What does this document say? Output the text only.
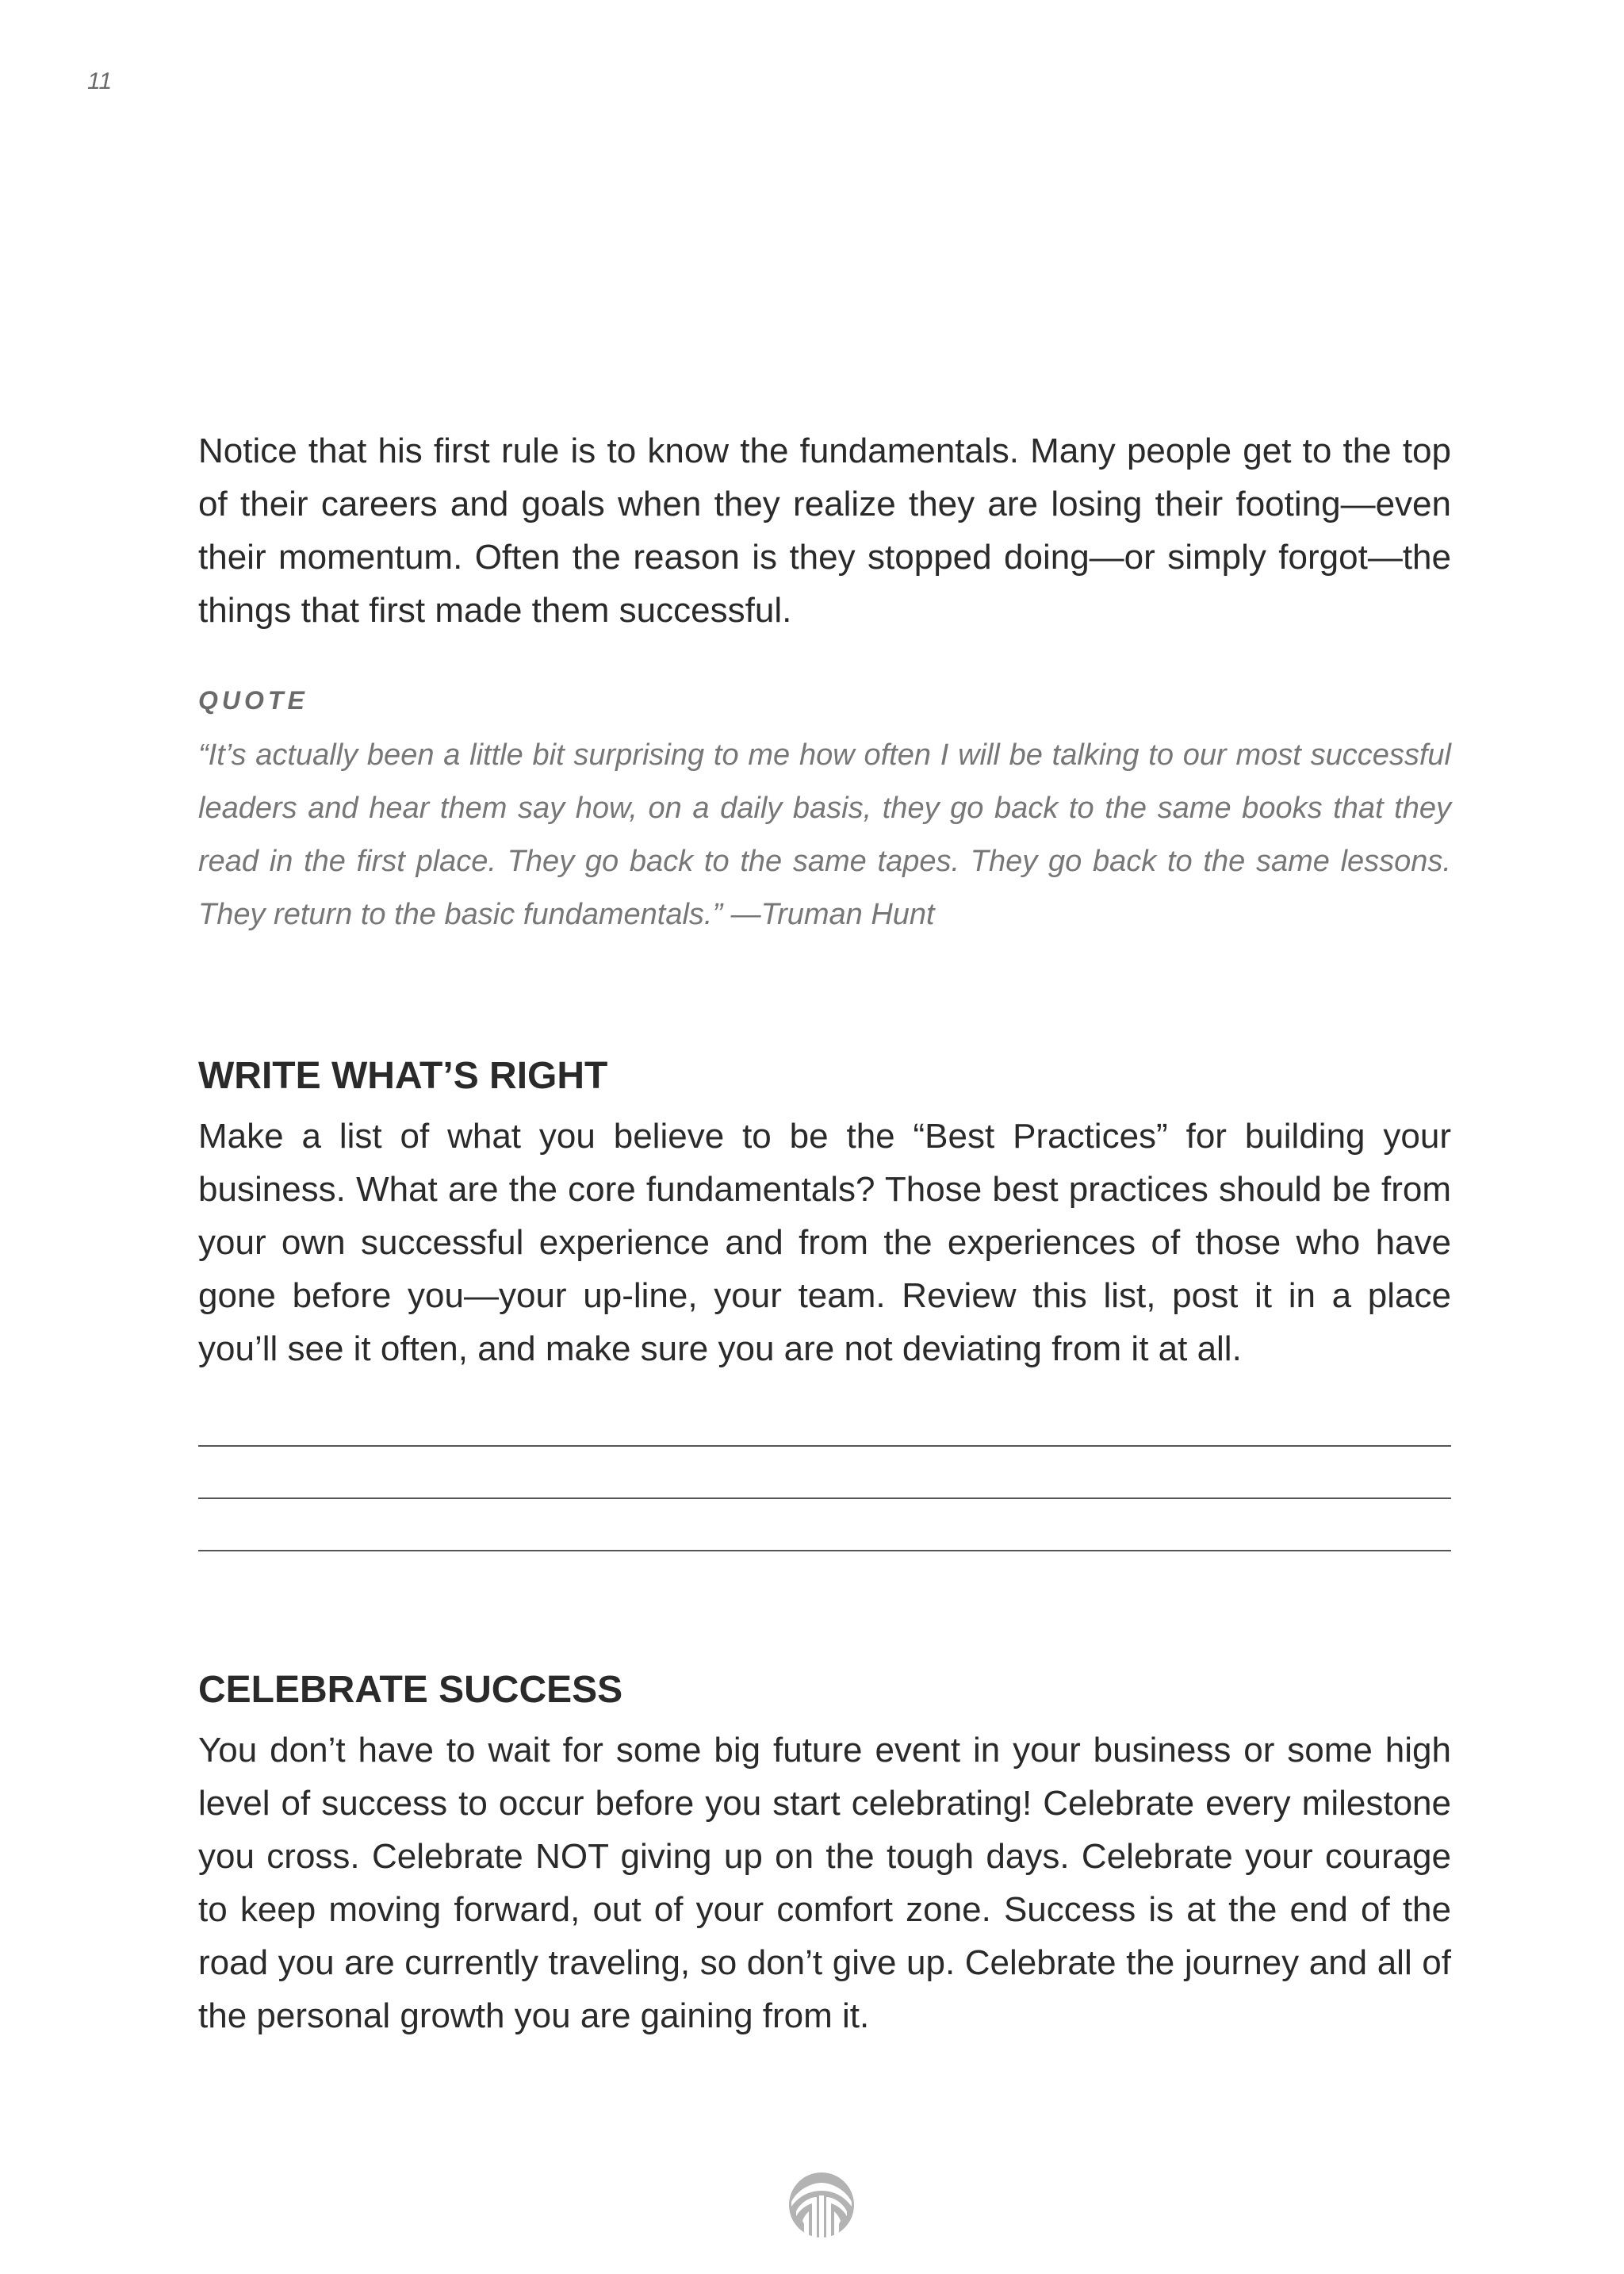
11

Notice that his first rule is to know the fundamentals. Many people get to the top of their careers and goals when they realize they are losing their footing—even their momentum. Often the reason is they stopped doing—or simply forgot—the things that first made them successful.

QUOTE

“It’s actually been a little bit surprising to me how often I will be talking to our most successful leaders and hear them say how, on a daily basis, they go back to the same books that they read in the first place. They go back to the same tapes. They go back to the same lessons. They return to the basic fundamentals.” —Truman Hunt

WRITE WHAT’S RIGHT

Make a list of what you believe to be the “Best Practices” for building your business. What are the core fundamentals? Those best practices should be from your own successful experience and from the experiences of those who have gone before you—your up-line, your team. Review this list, post it in a place you’ll see it often, and make sure you are not deviating from it at all.

CELEBRATE SUCCESS

You don’t have to wait for some big future event in your business or some high level of success to occur before you start celebrating! Celebrate every milestone you cross. Celebrate NOT giving up on the tough days. Celebrate your courage to keep moving forward, out of your comfort zone. Success is at the end of the road you are currently traveling, so don’t give up. Celebrate the journey and all of the personal growth you are gaining from it.
